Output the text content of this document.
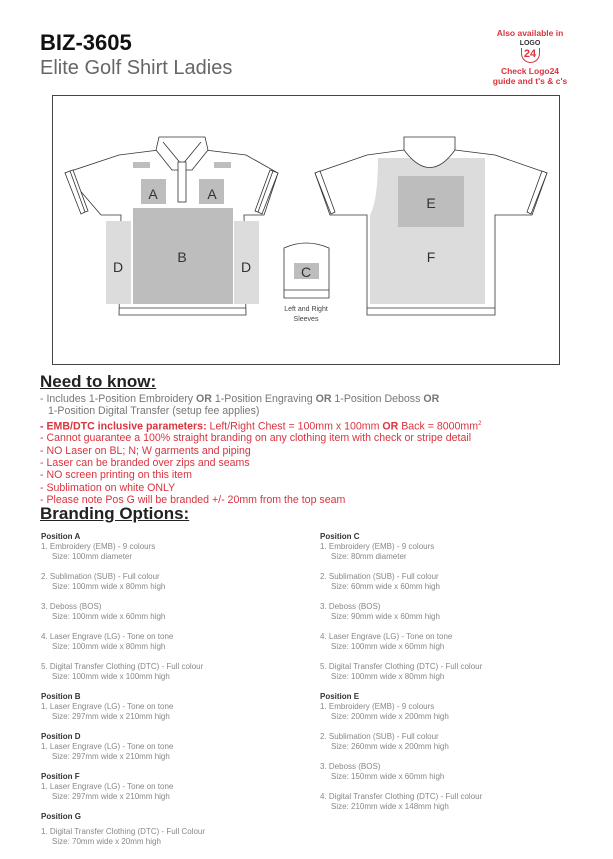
BIZ-3605
Elite Golf Shirt Ladies
Also available in
LOGO
24
Check Logo24
guide and t's & c's
A	A
B
D	D	C
E
F
Left and Right
Sleeves
Need to know:
- Includes 1-Position Embroidery OR 1-Position Engraving OR 1-Position Deboss OR
1-Position Digital Transfer (setup fee applies)
- EMB/DTC inclusive parameters: Left/Right Chest = 100mm x 100mm OR Back = $8000mm^2$
- Cannot guarantee a 100% straight branding on any clothing item with check or stripe detail
- NO Laser on BL; N; W garments and piping
- Laser can be branded over zips and seams
- NO screen printing on this item
- Sublimation on white ONLY
- Please note Pos G will be branded +/- 20mm from the top seam
Branding Options:
Position A
1. Embroidery (EMB) - 9 colours
Size: 100mm diameter
2. Sublimation (SUB) - Full colour
Size: 100mm wide x 80mm high
3. Deboss (BOS)
Size: 100mm wide x 60mm high
4. Laser Engrave (LG) - Tone on tone
Size: 100mm wide x 80mm high
5. Digital Transfer Clothing (DTC) - Full colour
Size: 100mm wide x 100mm high
Position B
1. Laser Engrave (LG) - Tone on tone
Size: 297mm wide x 210mm high
Position D
1. Laser Engrave (LG) - Tone on tone
Size: 297mm wide x 210mm high
Position F
1. Laser Engrave (LG) - Tone on tone
Size: 297mm wide x 210mm high
Position G
1. Digital Transfer Clothing (DTC) - Full Colour
Size: 70mm wide x 20mm high
Position C
1. Embroidery (EMB) - 9 colours
Size: 80mm diameter
2. Sublimation (SUB) - Full colour
Size: 60mm wide x 60mm high
3. Deboss (BOS)
Size: 90mm wide x 60mm high
4. Laser Engrave (LG) - Tone on tone
Size: 100mm wide x 60mm high
5. Digital Transfer Clothing (DTC) - Full colour
Size: 100mm wide x 80mm high
Position E
1. Embroidery (EMB) - 9 colours
Size: 200mm wide x 200mm high
2. Sublimation (SUB) - Full colour
Size: 260mm wide x 200mm high
3. Deboss (BOS)
Size: 150mm wide x 60mm high
4. Digital Transfer Clothing (DTC) - Full colour
Size: 210mm wide x 148mm high
